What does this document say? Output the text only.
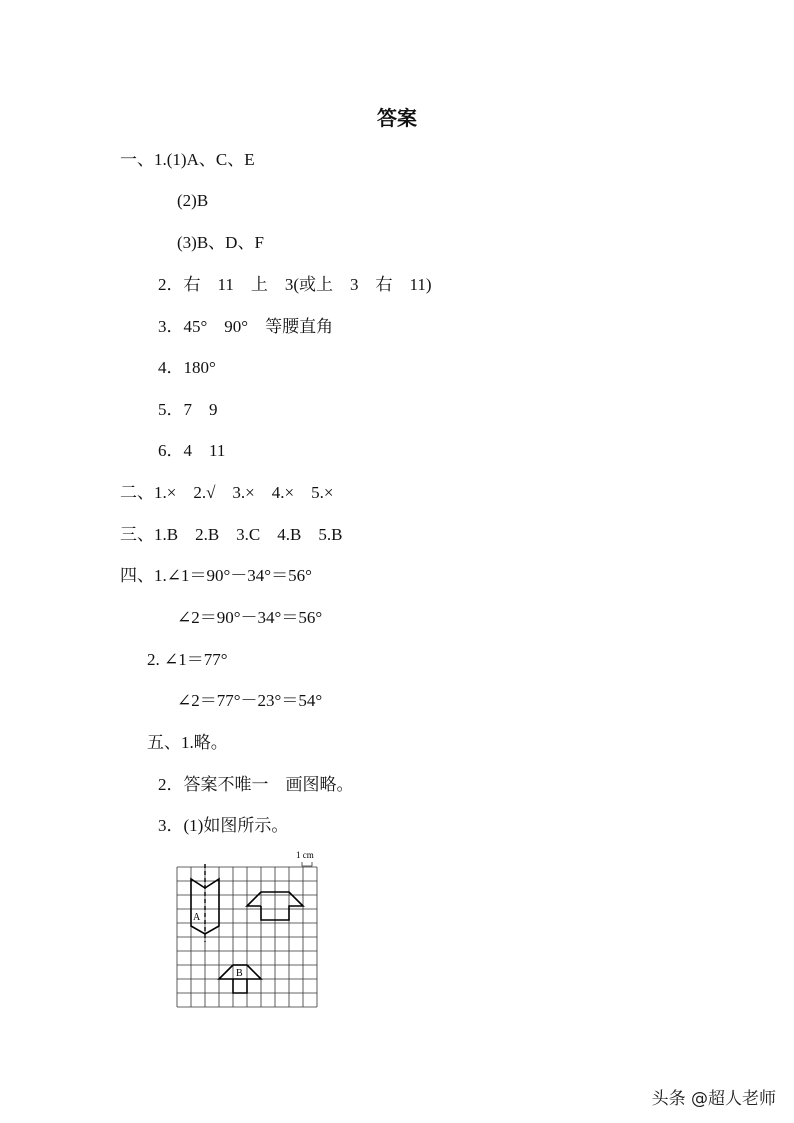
答案
一、1.(1)A、C、E
(2)B
(3)B、D、F
2．右　11　上　3(或上　3　右　11)
3．45°　90°　等腰直角
4．180°
5．7　9
6．4　11
二、1.×　2.√　3.×　4.×　5.×
三、1.B　2.B　3.C　4.B　5.B
四、1.∠1＝90°－34°＝56°
∠2＝90°－34°＝56°
2. ∠1＝77°
∠2＝77°－23°＝54°
五、1.略。
2．答案不唯一　画图略。
3．(1)如图所示。
1 cm
A
B
头条 @超人老师
